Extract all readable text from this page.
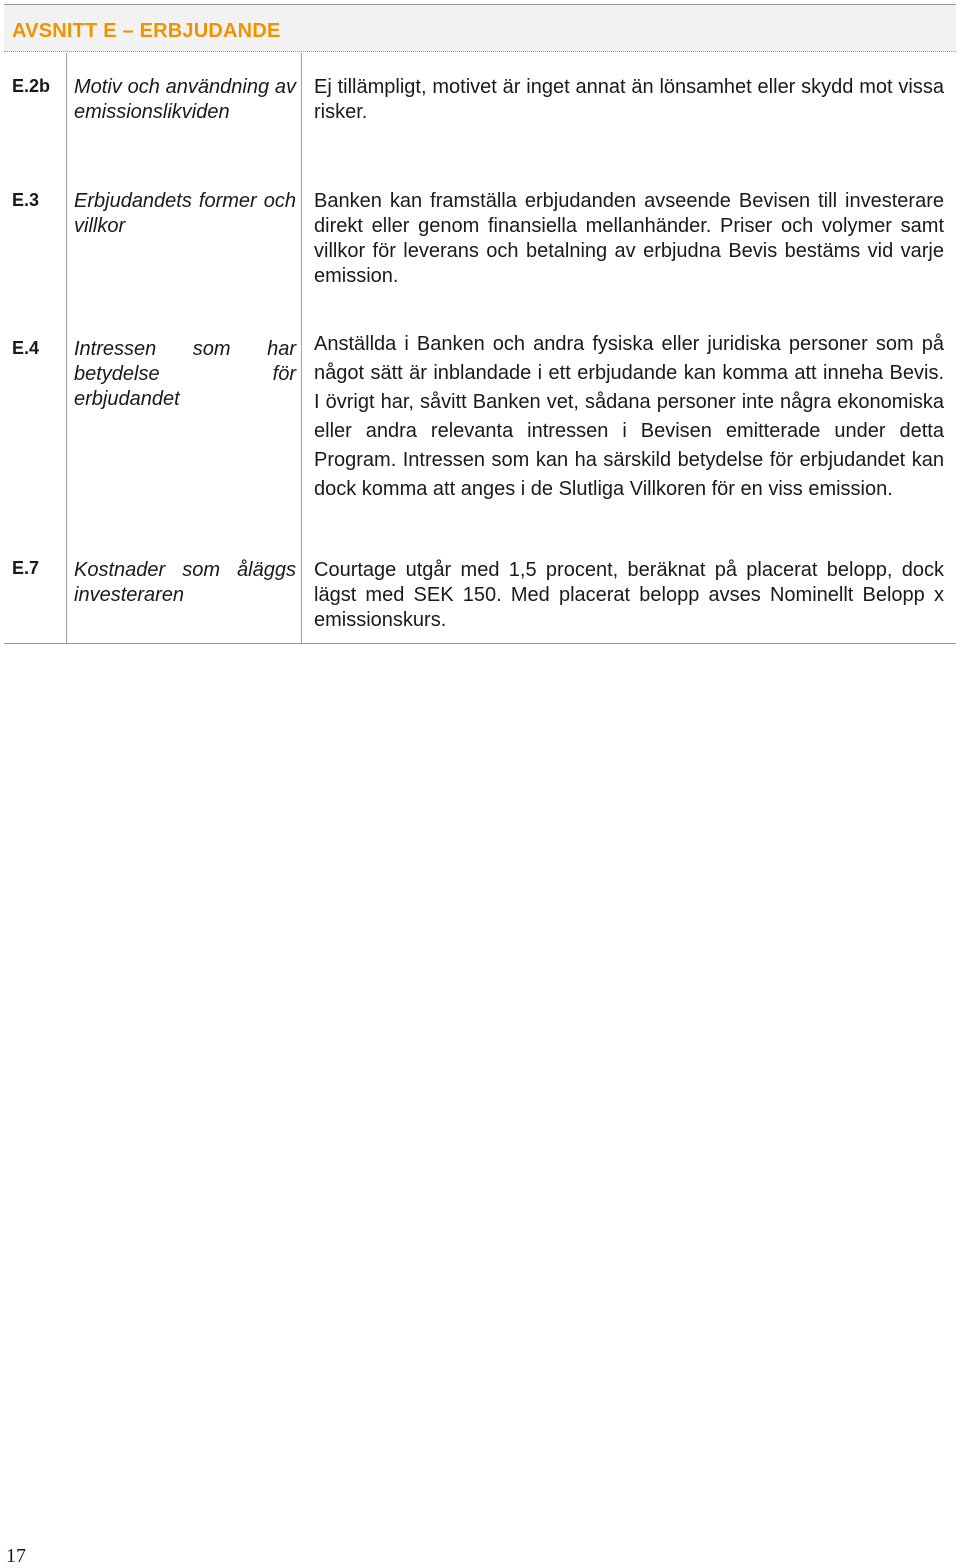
AVSNITT E – ERBJUDANDE
E.2b Motiv och användning av emissionslikviden
Ej tillämpligt, motivet är inget annat än lönsamhet eller skydd mot vissa risker.
E.3 Erbjudandets former och villkor
Banken kan framställa erbjudanden avseende Bevisen till investerare direkt eller genom finansiella mellanhänder. Priser och volymer samt villkor för leverans och betalning av erbjudna Bevis bestäms vid varje emission.
E.4 Intressen som har betydelse för erbjudandet
Anställda i Banken och andra fysiska eller juridiska personer som på något sätt är inblandade i ett erbjudande kan komma att inneha Bevis. I övrigt har, såvitt Banken vet, sådana personer inte några ekonomiska eller andra relevanta intressen i Bevisen emitterade under detta Program. Intressen som kan ha särskild betydelse för erbjudandet kan dock komma att anges i de Slutliga Villkoren för en viss emission.
E.7 Kostnader som åläggs investeraren
Courtage utgår med 1,5 procent, beräknat på placerat belopp, dock lägst med SEK 150. Med placerat belopp avses Nominellt Belopp x emissionskurs.
17
